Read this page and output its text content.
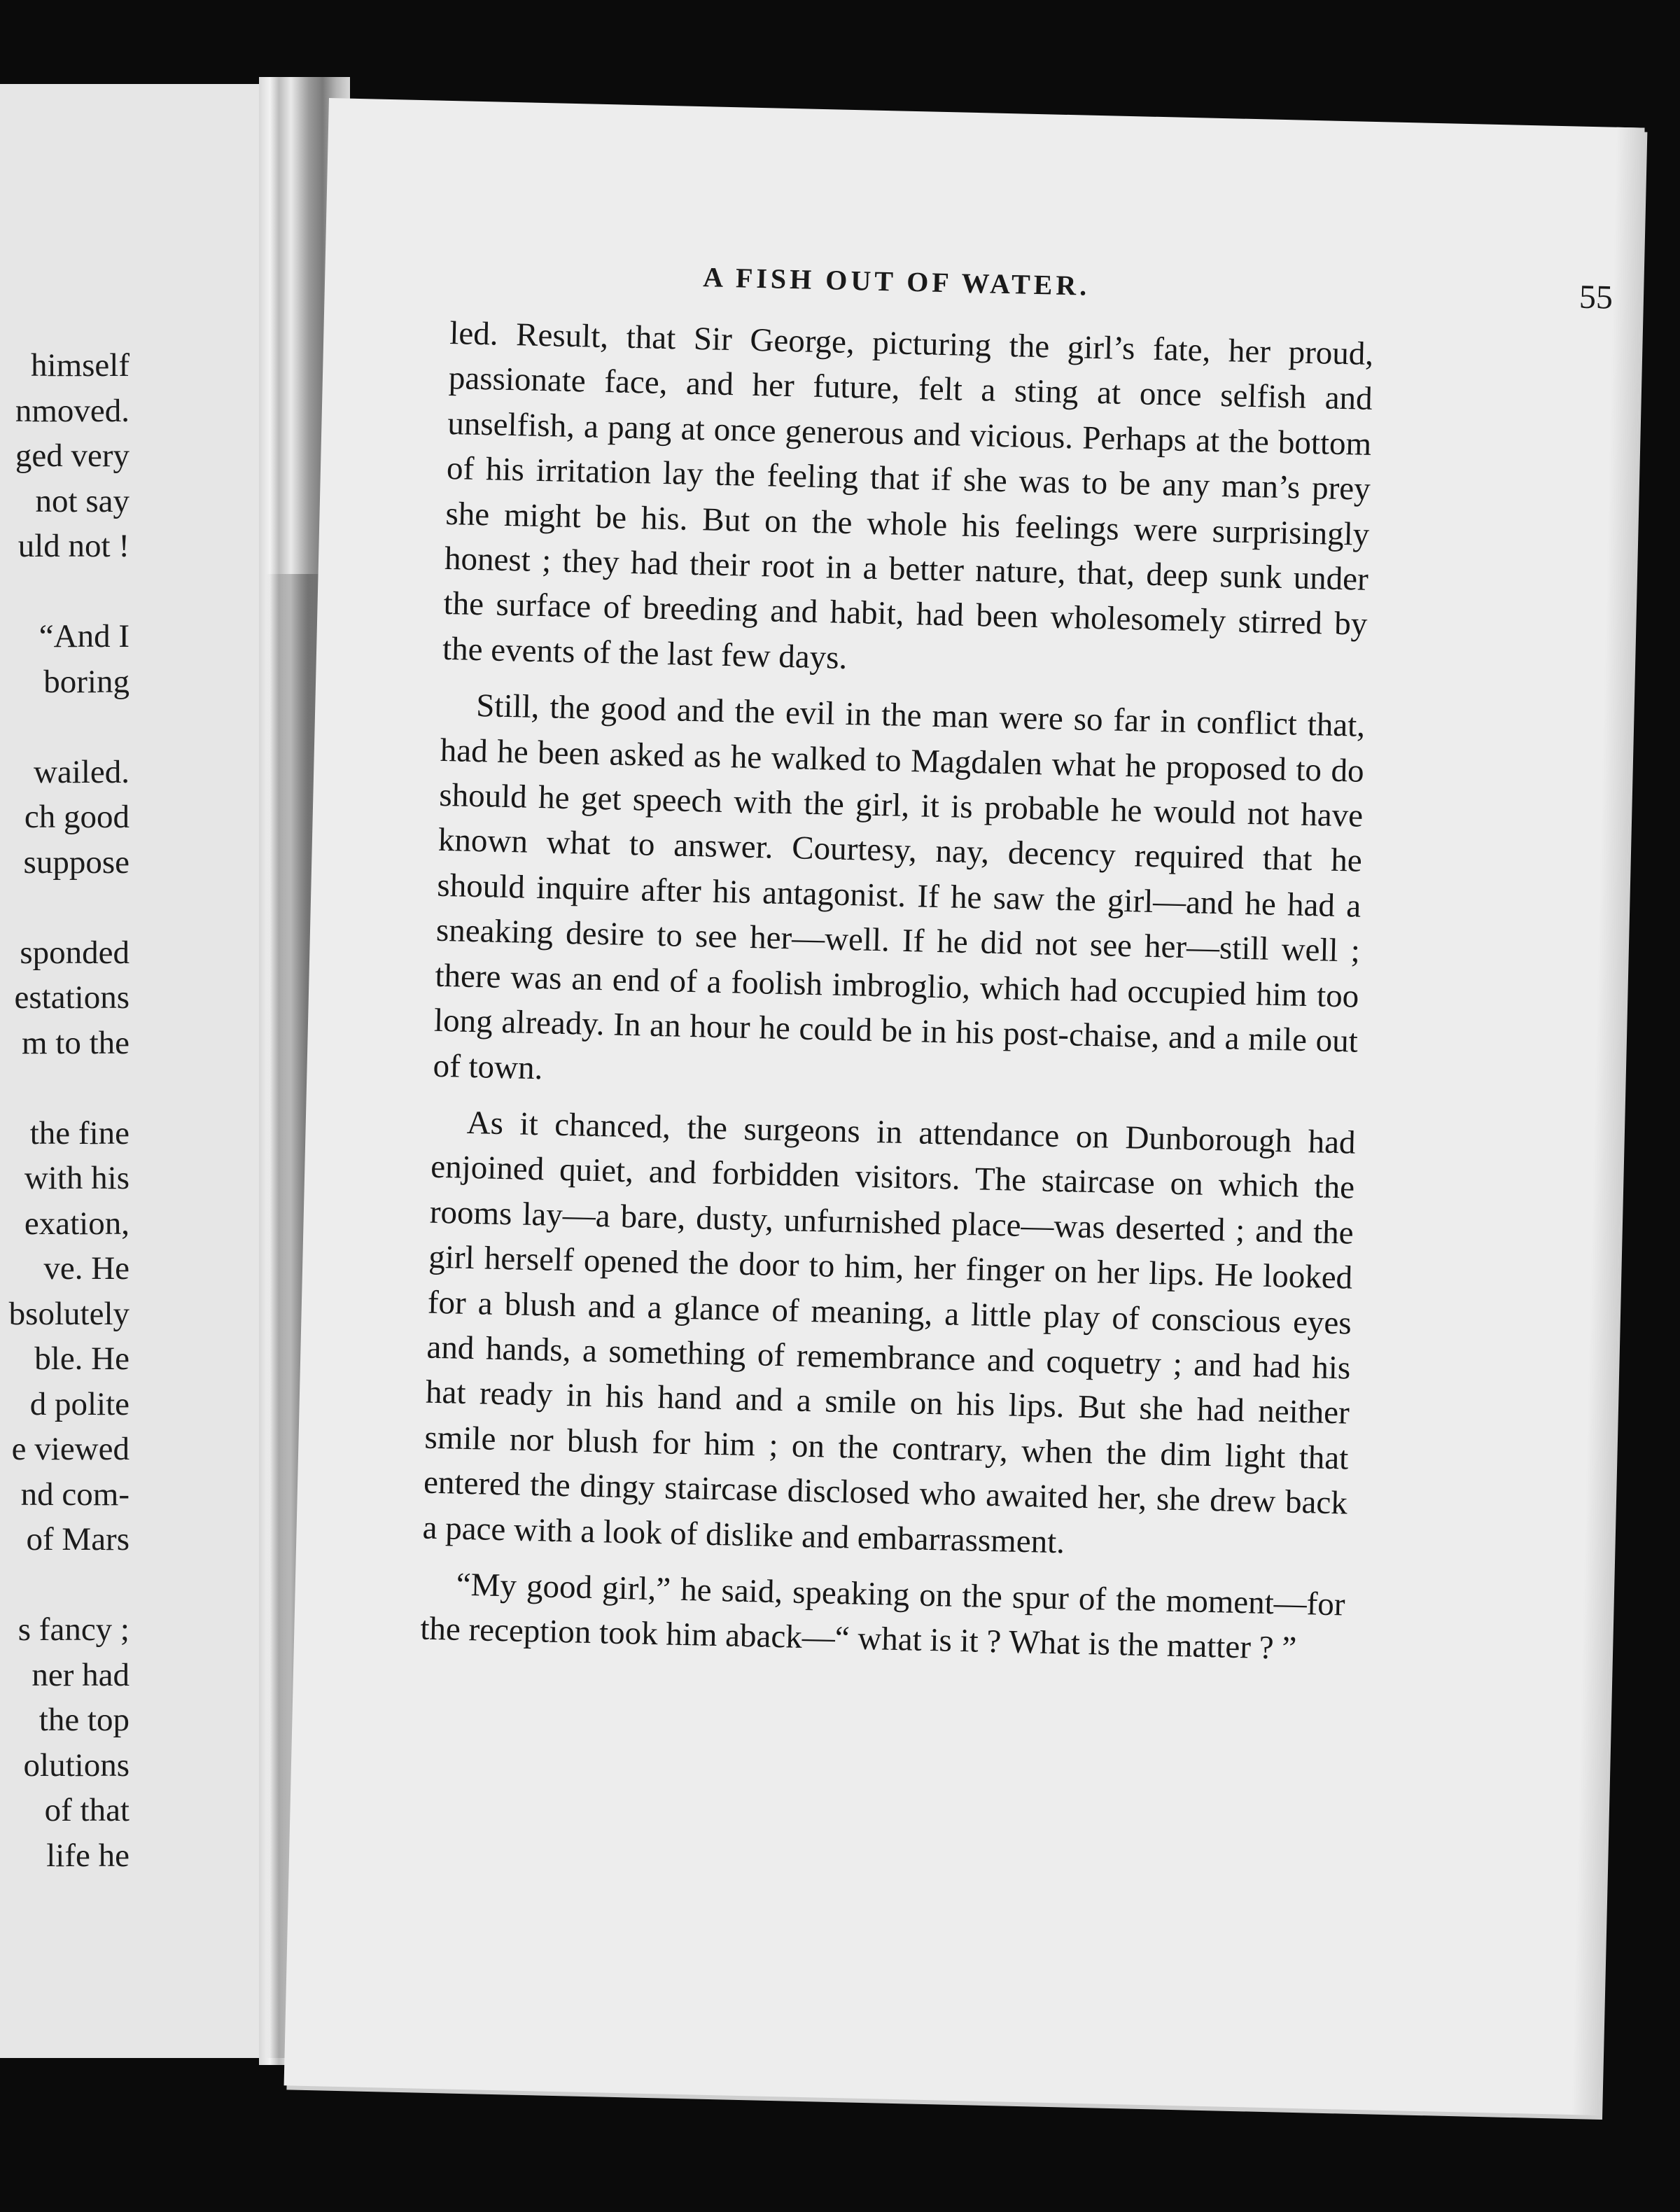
himself
nmoved.
ged very
not say
uld not !
“And I
boring
wailed.
ch good
suppose
sponded
estations
m to the
the fine
with his
exation,
ve. He
bsolutely
ble. He
d polite
e viewed
nd com-
of Mars
s fancy ;
ner had
the top
olutions
of that
life he
A FISH OUT OF WATER.	55

led. Result, that Sir George, picturing the girl’s fate, her proud, passionate face, and her future, felt a sting at once selfish and unselfish, a pang at once generous and vicious. Perhaps at the bottom of his irritation lay the feeling that if she was to be any man’s prey she might be his. But on the whole his feelings were surprisingly honest ; they had their root in a better nature, that, deep sunk under the surface of breeding and habit, had been wholesomely stirred by the events of the last few days.

Still, the good and the evil in the man were so far in conflict that, had he been asked as he walked to Magdalen what he proposed to do should he get speech with the girl, it is probable he would not have known what to answer. Courtesy, nay, decency required that he should inquire after his antagonist. If he saw the girl—and he had a sneaking desire to see her—well. If he did not see her—still well ; there was an end of a foolish imbroglio, which had occupied him too long already. In an hour he could be in his post-chaise, and a mile out of town.

As it chanced, the surgeons in attendance on Dunborough had enjoined quiet, and forbidden visitors. The staircase on which the rooms lay—a bare, dusty, unfurnished place—was deserted ; and the girl herself opened the door to him, her finger on her lips. He looked for a blush and a glance of meaning, a little play of conscious eyes and hands, a something of remembrance and coquetry ; and had his hat ready in his hand and a smile on his lips. But she had neither smile nor blush for him ; on the contrary, when the dim light that entered the dingy staircase disclosed who awaited her, she drew back a pace with a look of dislike and embarrassment.

“My good girl,” he said, speaking on the spur of the moment—for the reception took him aback—“ what is it ? What is the matter ? ”
